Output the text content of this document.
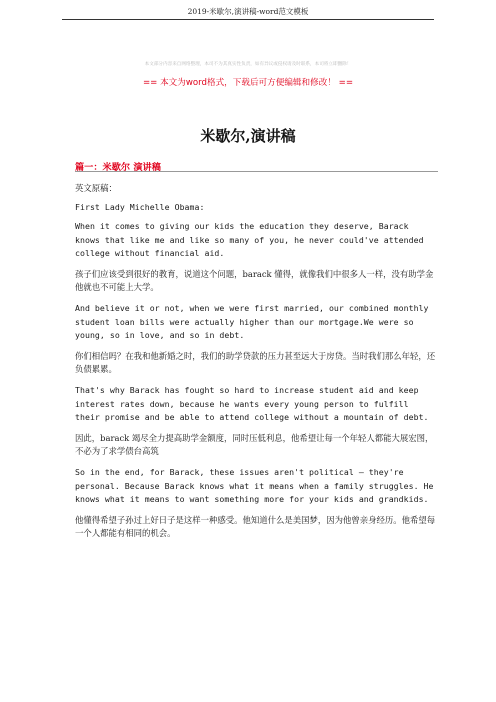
2019-米歇尔,演讲稿-word范文模板
本文部分内容来自网络整理，本司不为其真实性负责，如有异议或侵权请及时联系，本司将立即删除！
== 本文为word格式，下载后可方便编辑和修改！ ==
米歇尔,演讲稿
篇一：米歇尔 演讲稿

英文原稿：

First Lady Michelle Obama:

When it comes to giving our kids the education they deserve, Barack knows that like me and like so many of you, he never could've attended college without financial aid.

孩子们应该受到很好的教育，说道这个问题，barack 懂得，就像我们中很多人一样，没有助学金他就也不可能上大学。

And believe it or not, when we were first married, our combined monthly student loan bills were actually higher than our mortgage.We were so young, so in love, and so in debt.

你们相信吗？在我和他新婚之时，我们的助学贷款的压力甚至远大于房贷。当时我们那么年轻，还负债累累。

That's why Barack has fought so hard to increase student aid and keep interest rates down, because he wants every young person to fulfill their promise and be able to attend college without a mountain of debt.

因此，barack 竭尽全力提高助学金额度，同时压低利息，他希望让每一个年轻人都能大展宏图，不必为了求学债台高筑

So in the end, for Barack, these issues aren't political – they're personal. Because Barack knows what it means when a family struggles. He knows what it means to want something more for your kids and grandkids.

他懂得希望子孙过上好日子是这样一种感受。他知道什么是美国梦，因为他曾亲身经历。他希望每一个人都能有相同的机会。
